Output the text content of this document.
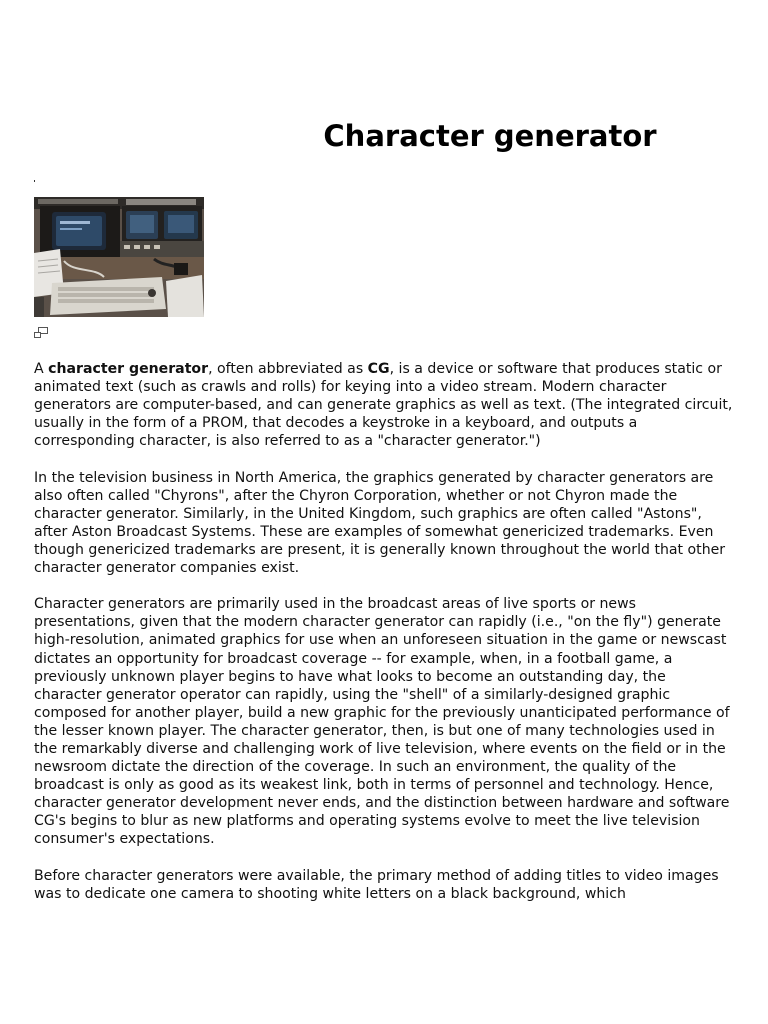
Character generator

A character generator, often abbreviated as CG, is a device or software that produces static or animated text (such as crawls and rolls) for keying into a video stream. Modern character generators are computer-based, and can generate graphics as well as text. (The integrated circuit, usually in the form of a PROM, that decodes a keystroke in a keyboard, and outputs a corresponding character, is also referred to as a "character generator.")

In the television business in North America, the graphics generated by character generators are also often called "Chyrons", after the Chyron Corporation, whether or not Chyron made the character generator. Similarly, in the United Kingdom, such graphics are often called "Astons", after Aston Broadcast Systems. These are examples of somewhat genericized trademarks. Even though genericized trademarks are present, it is generally known throughout the world that other character generator companies exist.

Character generators are primarily used in the broadcast areas of live sports or news presentations, given that the modern character generator can rapidly (i.e., "on the fly") generate high-resolution, animated graphics for use when an unforeseen situation in the game or newscast dictates an opportunity for broadcast coverage -- for example, when, in a football game, a previously unknown player begins to have what looks to become an outstanding day, the character generator operator can rapidly, using the "shell" of a similarly-designed graphic composed for another player, build a new graphic for the previously unanticipated performance of the lesser known player. The character generator, then, is but one of many technologies used in the remarkably diverse and challenging work of live television, where events on the field or in the newsroom dictate the direction of the coverage. In such an environment, the quality of the broadcast is only as good as its weakest link, both in terms of personnel and technology. Hence, character generator development never ends, and the distinction between hardware and software CG's begins to blur as new platforms and operating systems evolve to meet the live television consumer's expectations.

Before character generators were available, the primary method of adding titles to video images was to dedicate one camera to shooting white letters on a black background, which
